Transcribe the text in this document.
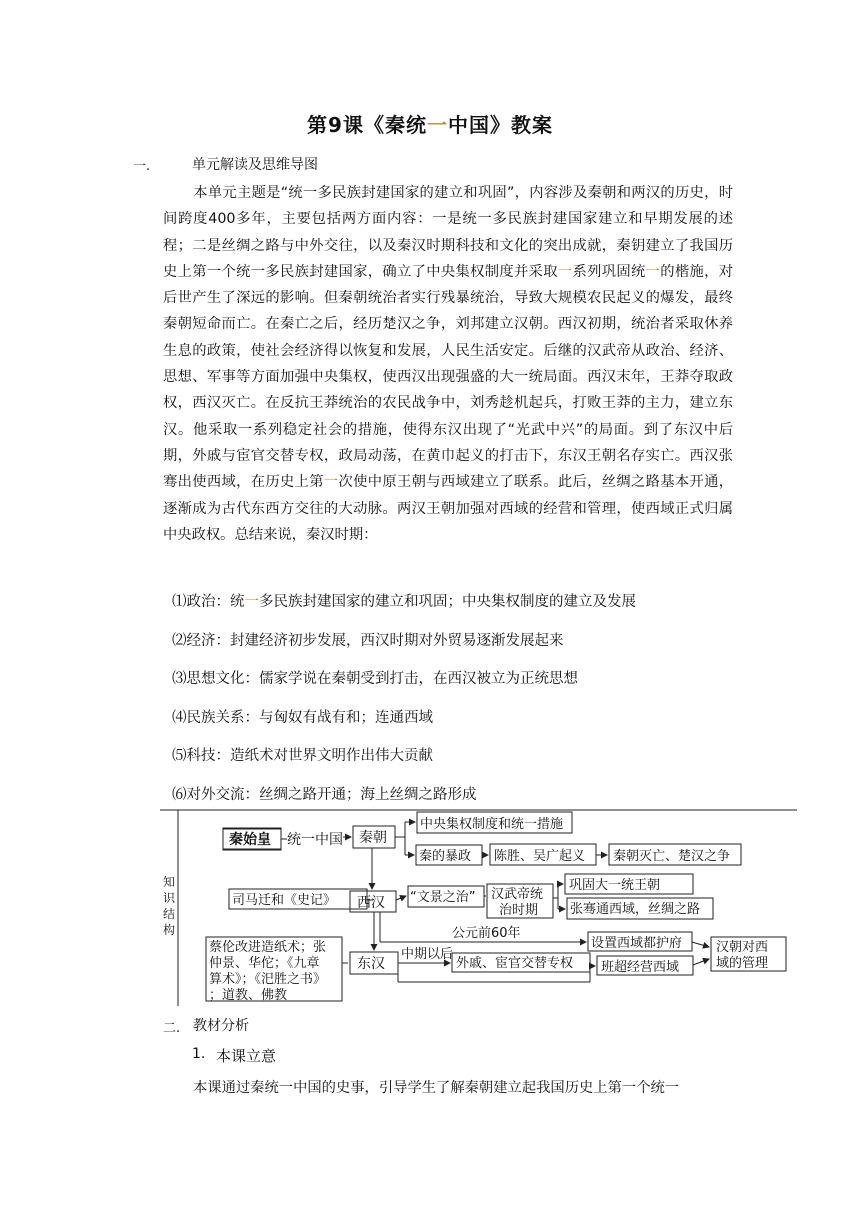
第9课《秦统一中国》教案
一.	单元解读及思维导图

本单元主题是“统一多民族封建国家的建立和巩固”，内容涉及秦朝和两汉的历史，时间跨度400多年，主要包括两方面内容：一是统一多民族封建国家建立和早期发展的述程；二是丝绸之路与中外交往，以及秦汉时期科技和文化的突出成就，秦钥建立了我国历史上第一个统一多民族封建国家，确立了中央集权制度并采取一系列巩固统一的楷施，对后世产生了深远的影响。但秦朝统治者实行残暴统治，导致大规模农民起义的爆发，最终秦朝短命而亡。在秦亡之后，经历楚汉之争，刘邦建立汉朝。西汉初期，统治者采取休养生息的政策，使社会经济得以恢复和发展，人民生活安定。后继的汉武帝从政治、经济、思想、军事等方面加强中央集权，使西汉出现强盛的大一统局面。西汉末年，王莽夺取政权，西汉灭亡。在反抗王莽统治的农民战争中，刘秀趁机起兵，打败王莽的主力，建立东汉。他采取一系列稳定社会的措施，使得东汉出现了“光武中兴”的局面。到了东汉中后期，外戚与宦官交替专权，政局动荡，在黄巾起义的打击下，东汉王朝名存实亡。西汉张骞出使西域，在历史上第一次使中原王朝与西域建立了联系。此后，丝绸之路基本开通，逐渐成为古代东西方交往的大动脉。两汉王朝加强对西域的经营和管理，使西域正式归属中央政权。总结来说，秦汉时期：

⑴政治：统一多民族封建国家的建立和巩固；中央集权制度的建立及发展
⑵经济：封建经济初步发展，西汉时期对外贸易逐渐发展起来
⑶思想文化：儒家学说在秦朝受到打击，在西汉被立为正统思想
⑷民族关系：与匈奴有战有和；连通西域
⑸科技：造纸术对世界文明作出伟大贡献
⑹对外交流：丝绸之路开通；海上丝绸之路形成
知
识
结
构
秦始皇 统一中国 秦朝
中央集权制度和统一措施
秦的暴政 陈胜、吴广起义 秦朝灭亡、楚汉之争
司马迁和《史记》 西汉 “文景之治” 汉武帝统
治时期
巩固大一统王朝
张骞通西域，丝绸之路
公元前60年
设置西域都护府	汉朝对西
域的管理
蔡伦改进造纸术；张
仲景、华佗；《九章
算术》；《汜胜之书》
；道教、佛教
东汉
中期以后
外戚、宦官交替专权 班超经营西域
二. 教材分析
1. 本课立意

本课通过秦统一中国的史事，引导学生了解秦朝建立起我国历史上第一个统一
